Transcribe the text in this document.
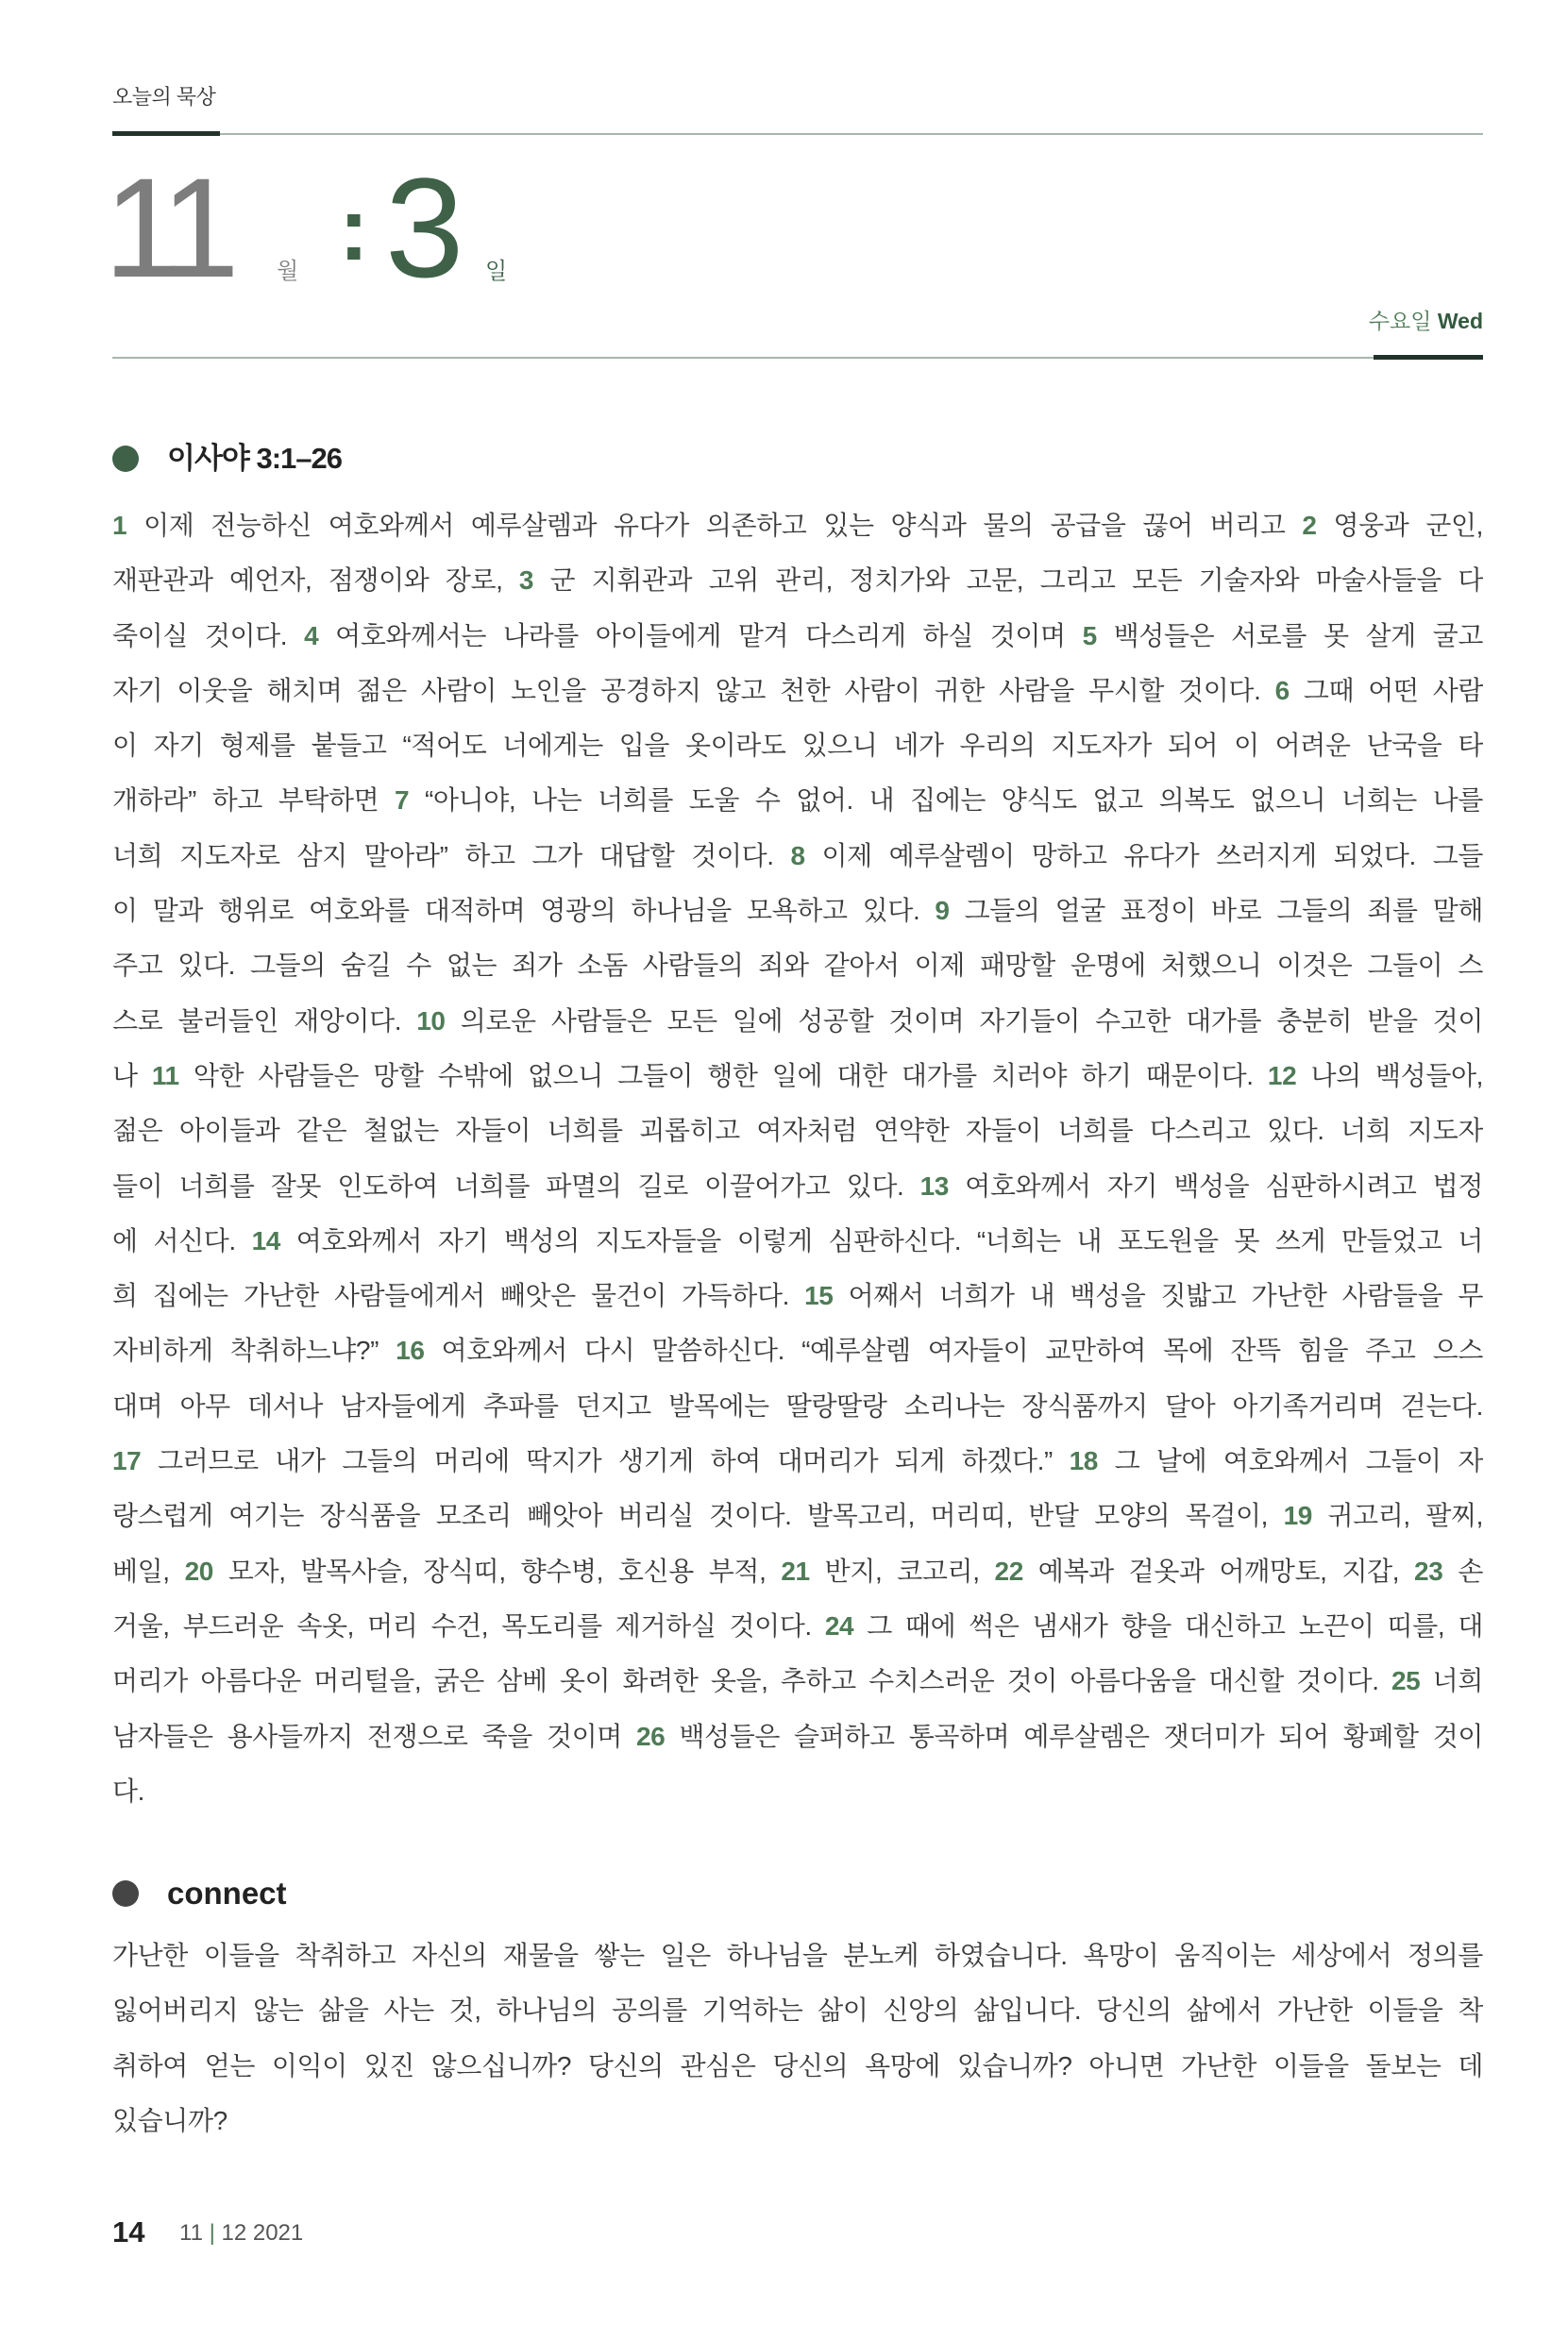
오늘의 묵상
11 월 : 3 일
수요일 Wed
이사야 3:1–26
1 이제 전능하신 여호와께서 예루살렘과 유다가 의존하고 있는 양식과 물의 공급을 끊어 버리고 2 영웅과 군인,
재판관과 예언자, 점쟁이와 장로, 3 군 지휘관과 고위 관리, 정치가와 고문, 그리고 모든 기술자와 마술사들을 다
죽이실 것이다. 4 여호와께서는 나라를 아이들에게 맡겨 다스리게 하실 것이며 5 백성들은 서로를 못 살게 굴고
자기 이웃을 해치며 젊은 사람이 노인을 공경하지 않고 천한 사람이 귀한 사람을 무시할 것이다. 6 그때 어떤 사람
이 자기 형제를 붙들고 “적어도 너에게는 입을 옷이라도 있으니 네가 우리의 지도자가 되어 이 어려운 난국을 타
개하라” 하고 부탁하면 7 “아니야, 나는 너희를 도울 수 없어. 내 집에는 양식도 없고 의복도 없으니 너희는 나를
너희 지도자로 삼지 말아라” 하고 그가 대답할 것이다. 8 이제 예루살렘이 망하고 유다가 쓰러지게 되었다. 그들
이 말과 행위로 여호와를 대적하며 영광의 하나님을 모욕하고 있다. 9 그들의 얼굴 표정이 바로 그들의 죄를 말해
주고 있다. 그들의 숨길 수 없는 죄가 소돔 사람들의 죄와 같아서 이제 패망할 운명에 처했으니 이것은 그들이 스
스로 불러들인 재앙이다. 10 의로운 사람들은 모든 일에 성공할 것이며 자기들이 수고한 대가를 충분히 받을 것이
나 11 악한 사람들은 망할 수밖에 없으니 그들이 행한 일에 대한 대가를 치러야 하기 때문이다. 12 나의 백성들아,
젊은 아이들과 같은 철없는 자들이 너희를 괴롭히고 여자처럼 연약한 자들이 너희를 다스리고 있다. 너희 지도자
들이 너희를 잘못 인도하여 너희를 파멸의 길로 이끌어가고 있다. 13 여호와께서 자기 백성을 심판하시려고 법정
에 서신다. 14 여호와께서 자기 백성의 지도자들을 이렇게 심판하신다. “너희는 내 포도원을 못 쓰게 만들었고 너
희 집에는 가난한 사람들에게서 빼앗은 물건이 가득하다. 15 어째서 너희가 내 백성을 짓밟고 가난한 사람들을 무
자비하게 착취하느냐?” 16 여호와께서 다시 말씀하신다. “예루살렘 여자들이 교만하여 목에 잔뜩 힘을 주고 으스
대며 아무 데서나 남자들에게 추파를 던지고 발목에는 딸랑딸랑 소리나는 장식품까지 달아 아기족거리며 걷는다.
17 그러므로 내가 그들의 머리에 딱지가 생기게 하여 대머리가 되게 하겠다.” 18 그 날에 여호와께서 그들이 자
랑스럽게 여기는 장식품을 모조리 빼앗아 버리실 것이다. 발목고리, 머리띠, 반달 모양의 목걸이, 19 귀고리, 팔찌,
베일, 20 모자, 발목사슬, 장식띠, 향수병, 호신용 부적, 21 반지, 코고리, 22 예복과 겉옷과 어깨망토, 지갑, 23 손
거울, 부드러운 속옷, 머리 수건, 목도리를 제거하실 것이다. 24 그 때에 썩은 냄새가 향을 대신하고 노끈이 띠를, 대
머리가 아름다운 머리털을, 굵은 삼베 옷이 화려한 옷을, 추하고 수치스러운 것이 아름다움을 대신할 것이다. 25 너희
남자들은 용사들까지 전쟁으로 죽을 것이며 26 백성들은 슬퍼하고 통곡하며 예루살렘은 잿더미가 되어 황폐할 것이
다.
connect
가난한 이들을 착취하고 자신의 재물을 쌓는 일은 하나님을 분노케 하였습니다. 욕망이 움직이는 세상에서 정의를
잃어버리지 않는 삶을 사는 것, 하나님의 공의를 기억하는 삶이 신앙의 삶입니다. 당신의 삶에서 가난한 이들을 착
취하여 얻는 이익이 있진 않으십니까? 당신의 관심은 당신의 욕망에 있습니까? 아니면 가난한 이들을 돌보는 데
있습니까?
14 11 | 12 2021
